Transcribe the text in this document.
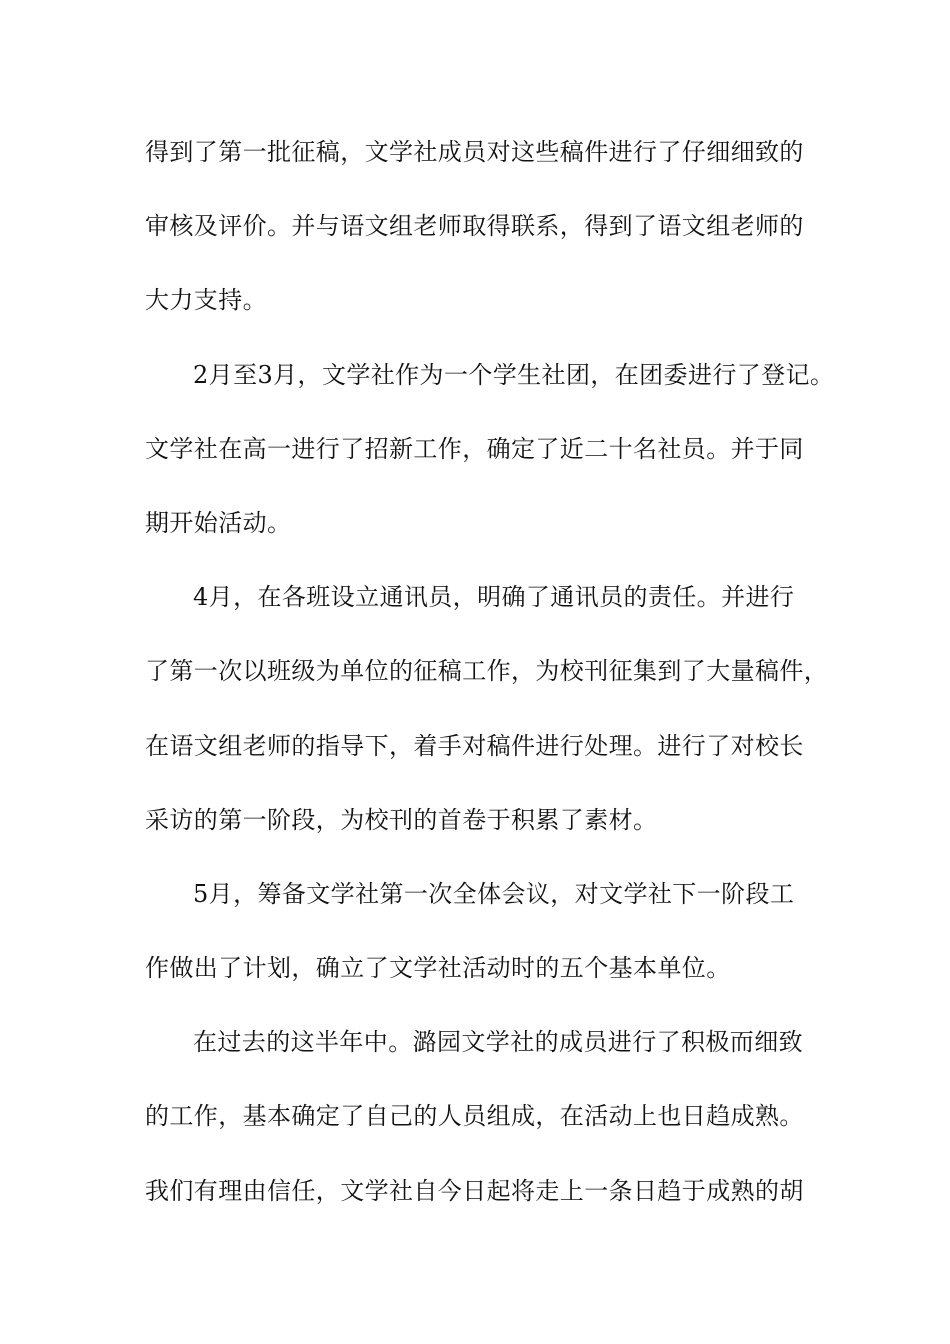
得到了第一批征稿，文学社成员对这些稿件进行了仔细细致的
审核及评价。并与语文组老师取得联系，得到了语文组老师的
大力支持。
2月至3月，文学社作为一个学生社团，在团委进行了登记。
文学社在高一进行了招新工作，确定了近二十名社员。并于同
期开始活动。
4月，在各班设立通讯员，明确了通讯员的责任。并进行
了第一次以班级为单位的征稿工作，为校刊征集到了大量稿件，
在语文组老师的指导下，着手对稿件进行处理。进行了对校长
采访的第一阶段，为校刊的首卷于积累了素材。
5月，筹备文学社第一次全体会议，对文学社下一阶段工
作做出了计划，确立了文学社活动时的五个基本单位。
在过去的这半年中。潞园文学社的成员进行了积极而细致
的工作，基本确定了自己的人员组成，在活动上也日趋成熟。
我们有理由信任，文学社自今日起将走上一条日趋于成熟的胡
